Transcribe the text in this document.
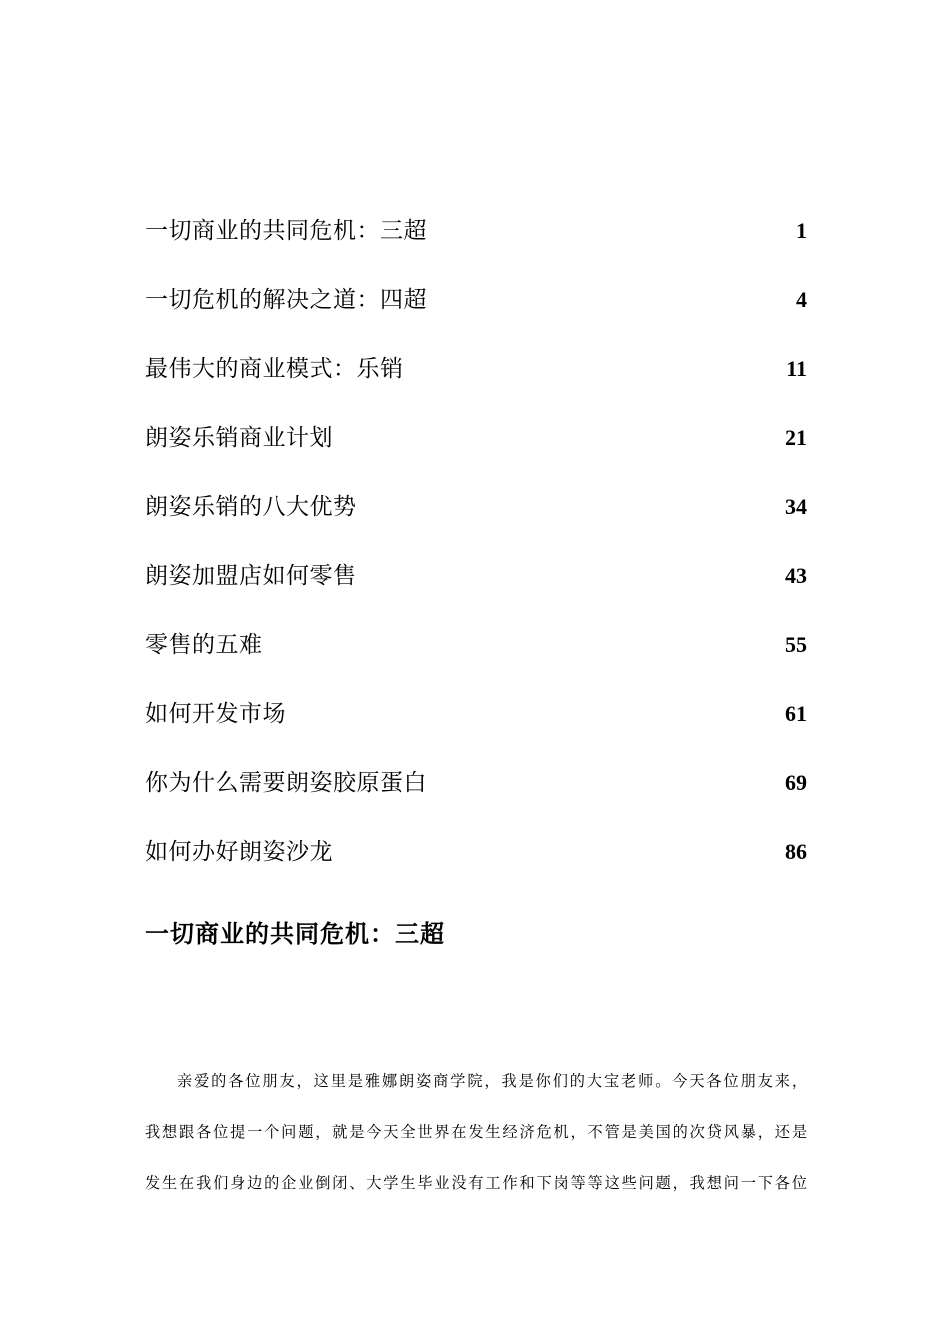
一切商业的共同危机：三超	1
一切危机的解决之道：四超	4
最伟大的商业模式：乐销	11
朗姿乐销商业计划	21
朗姿乐销的八大优势	34
朗姿加盟店如何零售	43
零售的五难	55
如何开发市场	61
你为什么需要朗姿胶原蛋白	69
如何办好朗姿沙龙	86
一切商业的共同危机：三超
亲爱的各位朋友，这里是雅娜朗姿商学院，我是你们的大宝老师。今天各位朋友来，
我想跟各位提一个问题，就是今天全世界在发生经济危机，不管是美国的次贷风暴，还是
发生在我们身边的企业倒闭、大学生毕业没有工作和下岗等等这些问题，我想问一下各位
